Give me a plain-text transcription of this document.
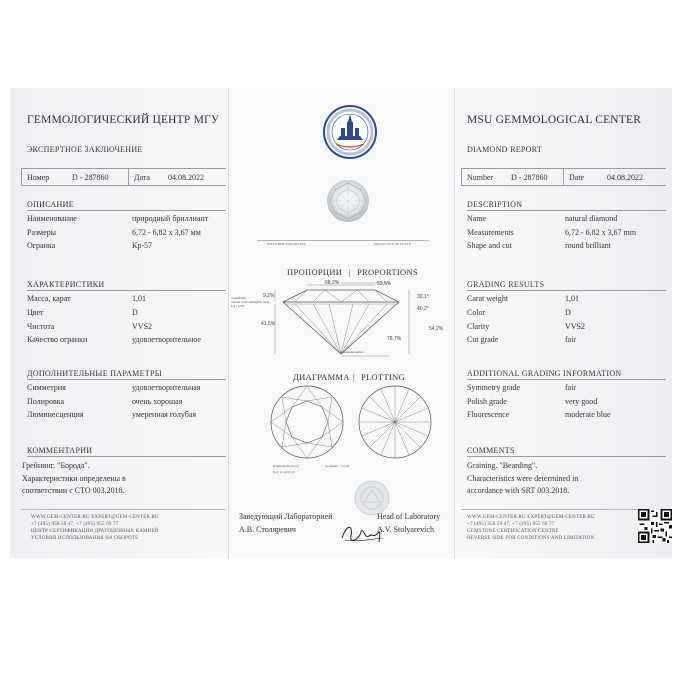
ГЕММОЛОГИЧЕСКИЙ ЦЕНТР МГУ
ЭКСПЕРТНОЕ ЗАКЛЮЧЕНИЕ
Номер	D - 287860	Дата 04.08.2022
ОПИСАНИЕ
Наименование	природный бриллиант
Размеры	6,72 - 6,82 x 3,67 мм
Огранка	Кр-57
ХАРАКТЕРИСТИКИ
Масса, карат	1,01
Цвет	D
Чистота	VVS2
Качество огранки	удовлетворительное
ДОПОЛНИТЕЛЬНЫЕ ПАРАМЕТРЫ
Симметрия	удовлетворительная
Полировка	очень хорошая
Люминесценция	умеренная голубая
КОММЕНТАРИИ
Грейнинг. "Борода".
Характеристики определены в
соответствии с СТО 003.2018.
WWW.GEM-CENTER.RU EXPERT@GEM-CENTER.RU
+7 (495) 958 59 47, +7 (495) 955 69 77
ЦЕНТР СЕРТИФИКАЦИИ ДРАГОЦЕННЫХ КАМНЕЙ
УСЛОВИЯ ИСПОЛЬЗОВАНИЯ НА ОБОРОТЕ
ФОТО ВНЕ МАСШТАБА	PHOTO OUT OF SCALE
ПРОПОРЦИИ | PROPORTIONS
68,2%	53,5%
9,2%	30,1°
40,2°
41,5%
54,2%
78,7%
тонкий/thin
слегка толстый/slightly thick
1,4 - 2,5%
средняя/medium
ДИАГРАММА | PLOTTING
Блики/Reflections	грейнинг / Grain
Key to symbols
Заведующий Лабораторией
А.В. Столяревич
Head of Laboratory
A.V. Stolyarevich
MSU GEMMOLOGICAL CENTER
DIAMOND REPORT
Number D - 287860	Date	04.08.2022
DESCRIPTION
Name	natural diamond
Measurements	6,72 - 6,82 x 3,67 mm
Shape and cut	round brilliant
GRADING RESULTS
Carat weight	1,01
Color	D
Clarity	VVS2
Cut grade	fair
ADDITIONAL GRADING INFORMATION
Symmetry grade	fair
Polish grade	very good
Fluorescence	moderate blue
COMMENTS
Graining. "Bearding".
Characteristics were determined in
accordance with SRT 003.2018.
WWW.GEM-CENTER.RU EXPERT@GEM-CENTER.RU
+7 (495) 958 59 47, +7 (495) 955 69 77
GEMSTONE CERTIFICATION CENTRE
REVERSE SIDE FOR CONDITIONS AND LIMITATION
